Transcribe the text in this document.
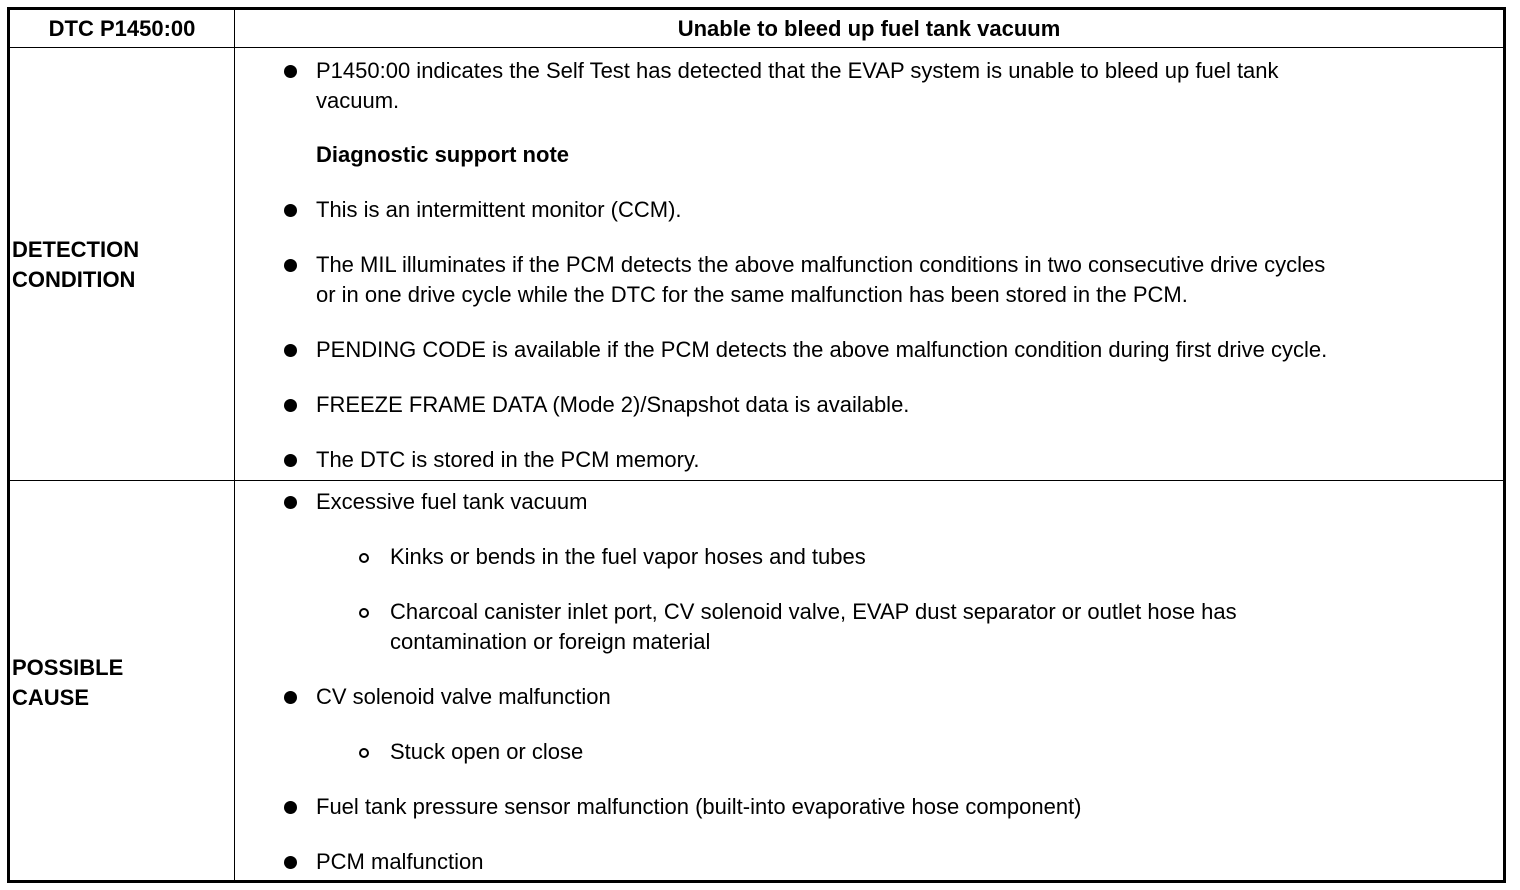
DTC P1450:00	Unable to bleed up fuel tank vacuum
DETECTION
CONDITION
POSSIBLE
CAUSE
P1450:00 indicates the Self Test has detected that the EVAP system is unable to bleed up fuel tank
vacuum.
Diagnostic support note
This is an intermittent monitor (CCM).
The MIL illuminates if the PCM detects the above malfunction conditions in two consecutive drive cycles
or in one drive cycle while the DTC for the same malfunction has been stored in the PCM.
PENDING CODE is available if the PCM detects the above malfunction condition during first drive cycle.
FREEZE FRAME DATA (Mode 2)/Snapshot data is available.
The DTC is stored in the PCM memory.
Excessive fuel tank vacuum
Kinks or bends in the fuel vapor hoses and tubes
Charcoal canister inlet port, CV solenoid valve, EVAP dust separator or outlet hose has
contamination or foreign material
CV solenoid valve malfunction
Stuck open or close
Fuel tank pressure sensor malfunction (built-into evaporative hose component)
PCM malfunction
